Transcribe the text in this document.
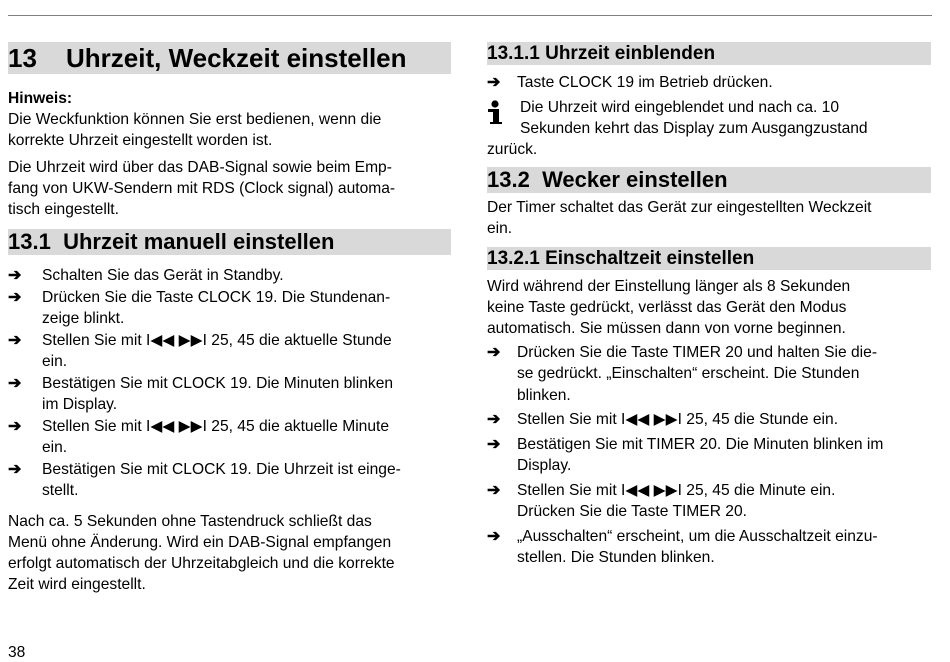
13 Uhrzeit, Weckzeit einstellen

Hinweis:

Die Weckfunktion können Sie erst bedienen, wenn die

korrekte Uhrzeit eingestellt worden ist.

Die Uhrzeit wird über das DAB-Signal sowie beim Emp-

fang von UKW-Sendern mit RDS (Clock signal) automa-

tisch eingestellt.

13.1 Uhrzeit manuell einstellen
➔ Schalten Sie das Gerät in Standby.
➔ Drücken Sie die Taste CLOCK 19. Die Stundenan-
zeige blinkt.
➔ Stellen Sie mit I◀◀ ▶▶I 25, 45 die aktuelle Stunde
ein.
➔ Bestätigen Sie mit CLOCK 19. Die Minuten blinken
im Display.
➔ Stellen Sie mit I◀◀ ▶▶I 25, 45 die aktuelle Minute
ein.
➔ Bestätigen Sie mit CLOCK 19. Die Uhrzeit ist einge-
stellt.

Nach ca. 5 Sekunden ohne Tastendruck schließt das

Menü ohne Änderung. Wird ein DAB-Signal empfangen

erfolgt automatisch der Uhrzeitabgleich und die korrekte

Zeit wird eingestellt.

13.1.1 Uhrzeit einblenden
➔ Taste CLOCK 19 im Betrieb drücken.
Die Uhrzeit wird eingeblendet und nach ca. 10
Sekunden kehrt das Display zum Ausgangzustand

zurück.

13.2 Wecker einstellen

Der Timer schaltet das Gerät zur eingestellten Weckzeit

ein.

13.2.1 Einschaltzeit einstellen

Wird während der Einstellung länger als 8 Sekunden

keine Taste gedrückt, verlässt das Gerät den Modus

automatisch. Sie müssen dann von vorne beginnen.

➔ Drücken Sie die Taste TIMER 20 und halten Sie die-
se gedrückt. „Einschalten“ erscheint. Die Stunden
blinken.
➔ Stellen Sie mit I◀◀ ▶▶I 25, 45 die Stunde ein.
➔ Bestätigen Sie mit TIMER 20. Die Minuten blinken im
Display.
➔ Stellen Sie mit I◀◀ ▶▶I 25, 45 die Minute ein.
Drücken Sie die Taste TIMER 20.
➔ „Ausschalten“ erscheint, um die Ausschaltzeit einzu-
stellen. Die Stunden blinken.
38
